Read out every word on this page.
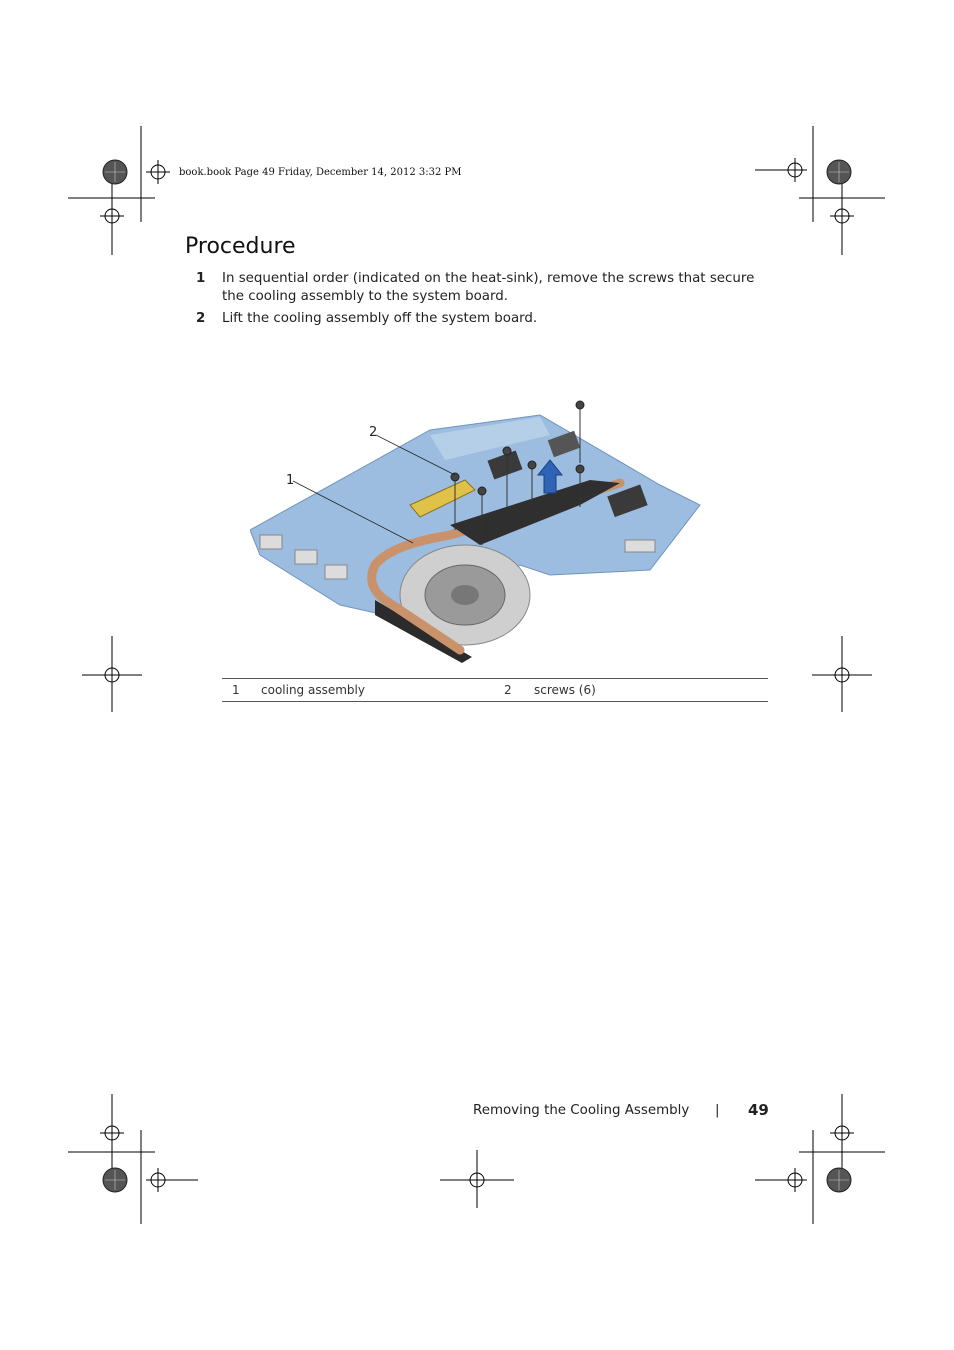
book.book Page 49 Friday, December 14, 2012 3:32 PM
Procedure
1	In sequential order (indicated on the heat-sink), remove the screws that secure the cooling assembly to the system board.
2	Lift the cooling assembly off the system board.
1
2
1 cooling assembly	2 screws (6)
Removing the Cooling Assembly | 49
